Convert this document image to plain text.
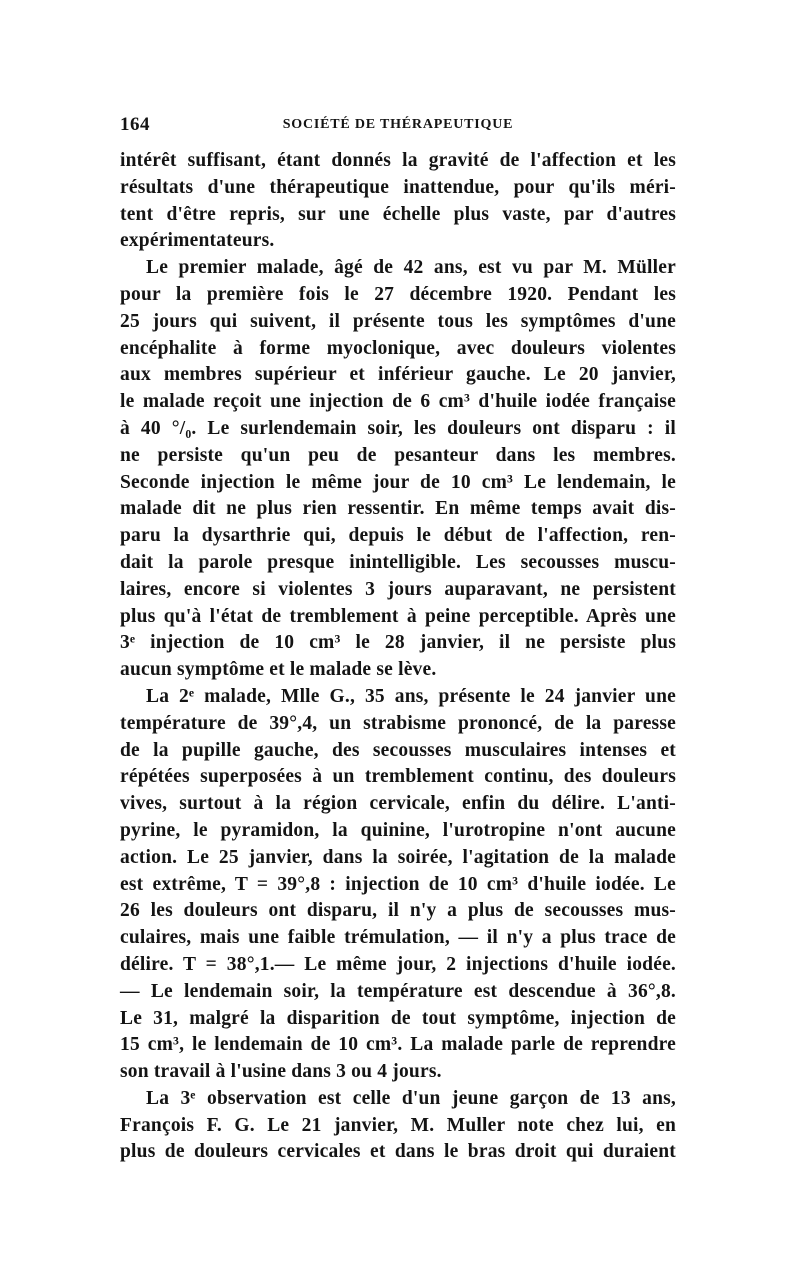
164	SOCIÉTÉ DE THÉRAPEUTIQUE
intérêt suffisant, étant donnés la gravité de l'affection et les
résultats d'une thérapeutique inattendue, pour qu'ils méri-
tent d'être repris, sur une échelle plus vaste, par d'autres
expérimentateurs.
Le premier malade, âgé de 42 ans, est vu par M. Müller
pour la première fois le 27 décembre 1920. Pendant les
25 jours qui suivent, il présente tous les symptômes d'une
encéphalite à forme myoclonique, avec douleurs violentes
aux membres supérieur et inférieur gauche. Le 20 janvier,
le malade reçoit une injection de 6 cm³ d'huile iodée française
à 40 °/₀. Le surlendemain soir, les douleurs ont disparu : il
ne persiste qu'un peu de pesanteur dans les membres.
Seconde injection le même jour de 10 cm³ Le lendemain, le
malade dit ne plus rien ressentir. En même temps avait dis-
paru la dysarthrie qui, depuis le début de l'affection, ren-
dait la parole presque inintelligible. Les secousses muscu-
laires, encore si violentes 3 jours auparavant, ne persistent
plus qu'à l'état de tremblement à peine perceptible. Après une
3ᵉ injection de 10 cm³ le 28 janvier, il ne persiste plus
aucun symptôme et le malade se lève.
La 2ᵉ malade, Mlle G., 35 ans, présente le 24 janvier une
température de 39°,4, un strabisme prononcé, de la paresse
de la pupille gauche, des secousses musculaires intenses et
répétées superposées à un tremblement continu, des douleurs
vives, surtout à la région cervicale, enfin du délire. L'anti-
pyrine, le pyramidon, la quinine, l'urotropine n'ont aucune
action. Le 25 janvier, dans la soirée, l'agitation de la malade
est extrême, T = 39°,8 : injection de 10 cm³ d'huile iodée. Le
26 les douleurs ont disparu, il n'y a plus de secousses mus-
culaires, mais une faible trémulation, — il n'y a plus trace de
délire. T = 38°,1.— Le même jour, 2 injections d'huile iodée.
— Le lendemain soir, la température est descendue à 36°,8.
Le 31, malgré la disparition de tout symptôme, injection de
15 cm³, le lendemain de 10 cm³. La malade parle de reprendre
son travail à l'usine dans 3 ou 4 jours.
La 3ᵉ observation est celle d'un jeune garçon de 13 ans,
François F. G. Le 21 janvier, M. Muller note chez lui, en
plus de douleurs cervicales et dans le bras droit qui duraient
